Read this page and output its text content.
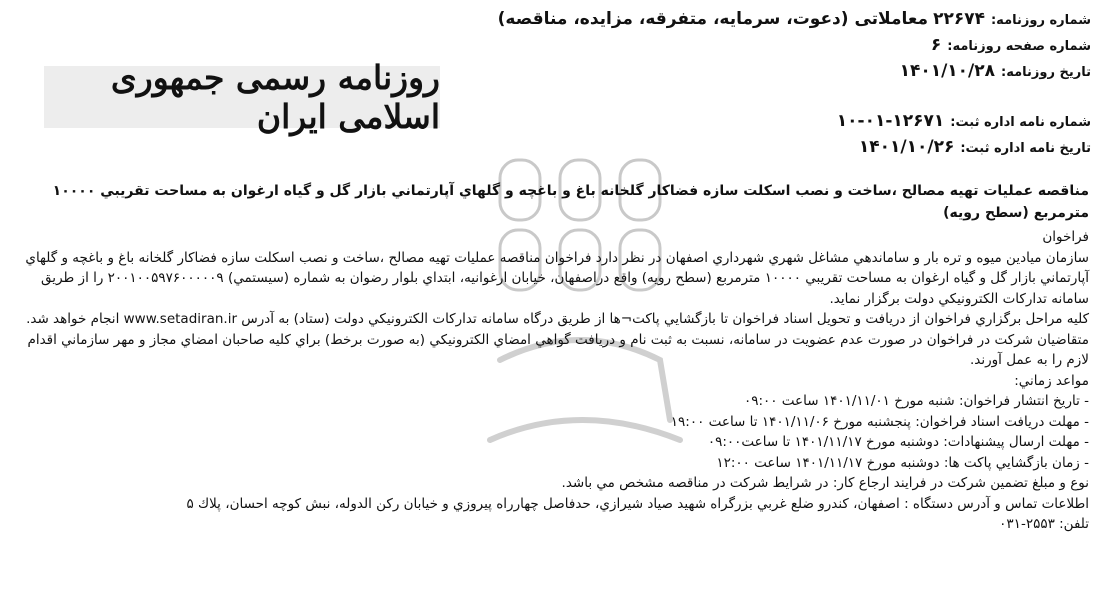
شماره روزنامه:۲۲۶۷۴ معاملاتی (دعوت، سرمایه، متفرقه، مزایده، مناقصه)
شماره صفحه روزنامه:۶
تاریخ روزنامه:۱۴۰۱/۱۰/۲۸
روزنامه رسمی جمهوری اسلامی ایران	شماره نامه اداره ثبت:۱۲۶۷۱-۰۱-۱۰
تاریخ نامه اداره ثبت:۱۴۰۱/۱۰/۲۶
مناقصه عمليات تهيه مصالح ،ساخت و نصب اسكلت سازه فضاكار گلخانه باغ و باغچه و گلهاي آپارتماني بازار گل و گياه ارغوان به مساحت تقريبي ۱۰۰۰۰ مترمربع (سطح رويه)
فراخوان
سازمان ميادين ميوه و تره بار و ساماندهي مشاغل شهري شهرداري اصفهان در نظر دارد فراخوان مناقصه عمليات تهيه مصالح ،ساخت و نصب اسكلت سازه فضاكار گلخانه باغ و باغچه و گلهاي آپارتماني بازار گل و گياه ارغوان به مساحت تقريبي ۱۰۰۰۰ مترمربع (سطح رويه) واقع دراصفهان، خيابان ارغوانيه، ابتداي بلوار رضوان به شماره (سيستمي) ۲۰۰۱۰۰۵۹۷۶۰۰۰۰۰۹ را از طريق سامانه تداركات الكترونيكي دولت برگزار نمايد.
كليه مراحل برگزاري فراخوان از دريافت و تحويل اسناد فراخوان تا بازگشايي پاكت¬ها از طريق درگاه سامانه تداركات الكترونيكي دولت (ستاد) به آدرس www.setadiran.ir انجام خواهد شد.
متقاضيان شركت در فراخوان در صورت عدم عضويت در سامانه، نسبت به ثبت نام و دريافت گواهي امضاي الكترونيكي (به صورت برخط) براي كليه صاحبان امضاي مجاز و مهر سازماني اقدام لازم را به عمل آورند.
مواعد زماني:
- تاريخ انتشار فراخوان: شنبه مورخ ۱۴۰۱/۱۱/۰۱ ساعت ۰۹:۰۰
- مهلت دريافت اسناد فراخوان: پنجشنبه مورخ ۱۴۰۱/۱۱/۰۶ تا ساعت ۱۹:۰۰
- مهلت ارسال پيشنهادات: دوشنبه مورخ ۱۴۰۱/۱۱/۱۷ تا ساعت۰۹:۰۰
- زمان بازگشايي پاكت ها: دوشنبه مورخ ۱۴۰۱/۱۱/۱۷ ساعت ۱۲:۰۰
نوع و مبلغ تضمين شركت در فرايند ارجاع كار: در شرايط شركت در مناقصه مشخص مي باشد.
اطلاعات تماس و آدرس دستگاه : اصفهان، كندرو ضلع غربي بزرگراه شهيد صياد شيرازي، حدفاصل چهارراه پيروزي و خيابان ركن الدوله، نبش كوچه احسان، پلاك ۵
تلفن: ۲۵۵۳-۰۳۱
